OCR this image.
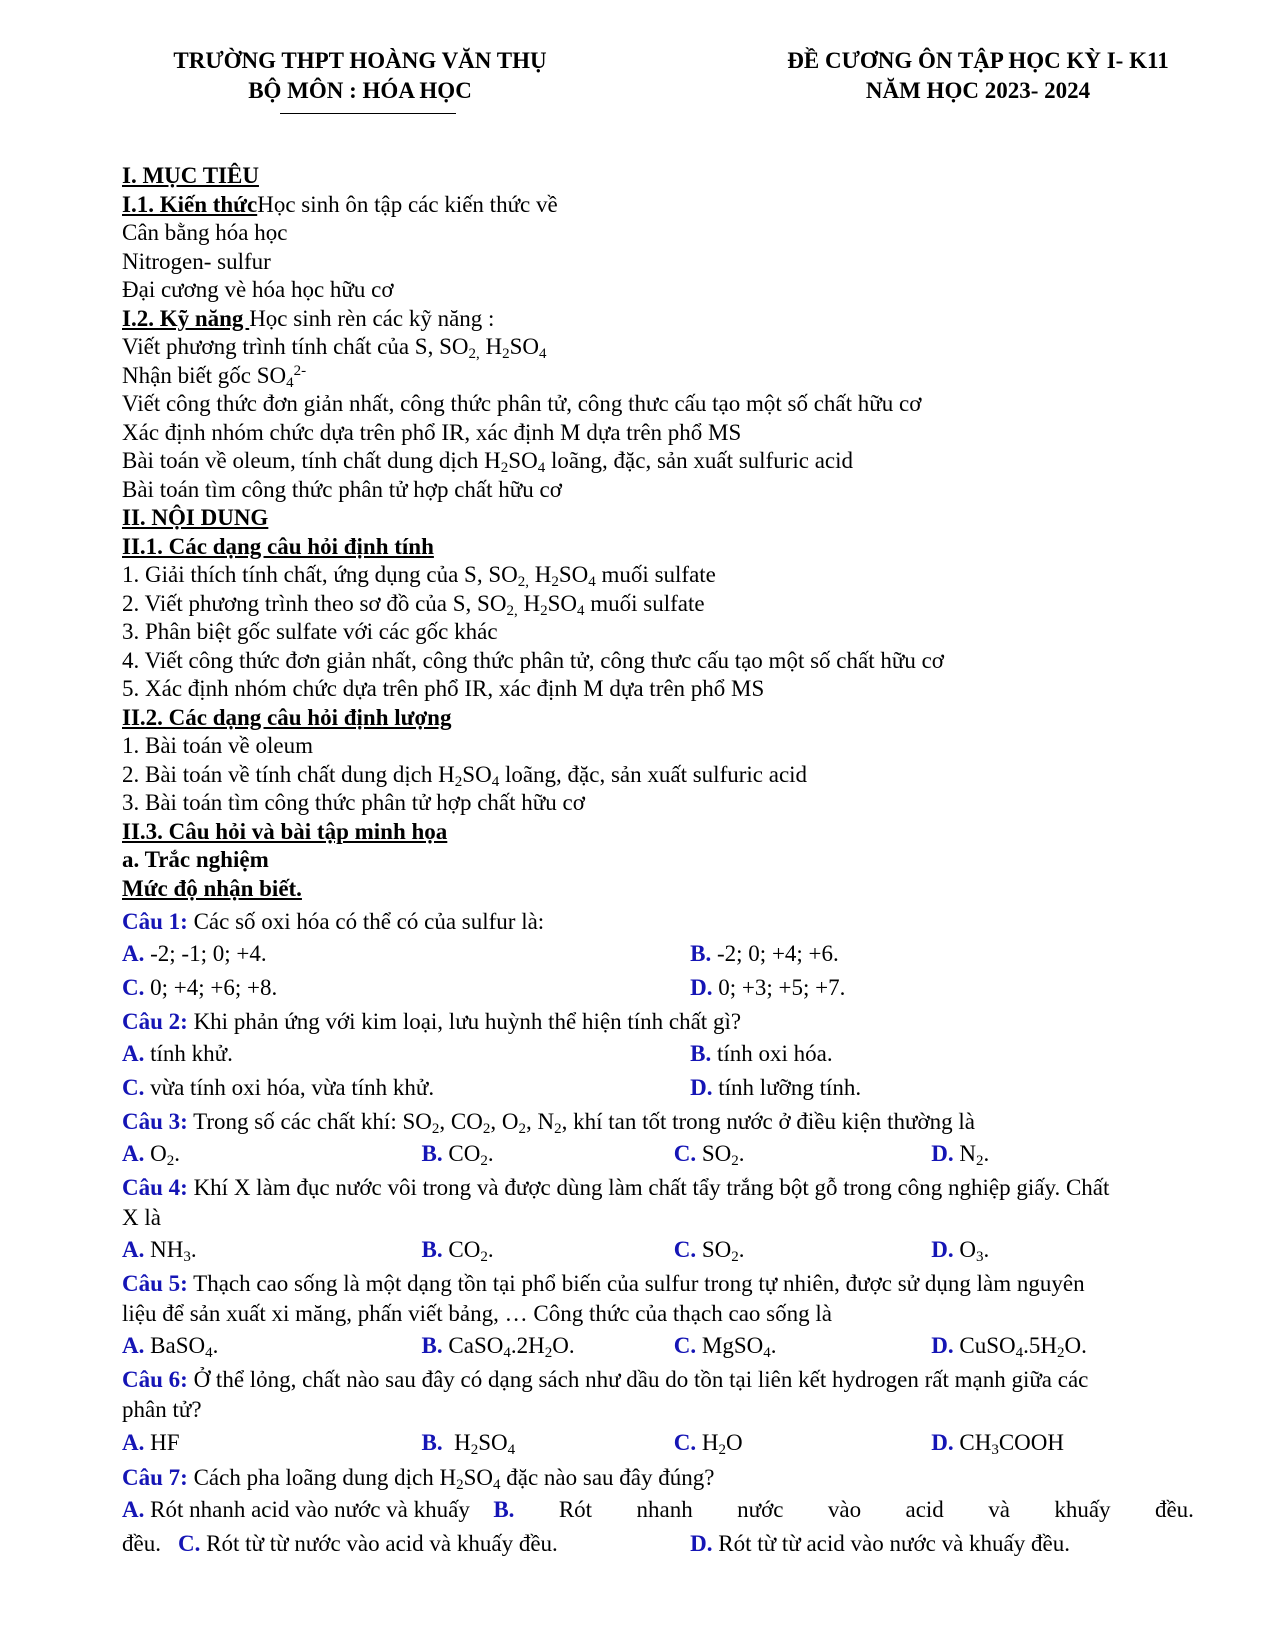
TRƯỜNG THPT HOÀNG VĂN THỤ
BỘ MÔN : HÓA HỌC
ĐỀ CƯƠNG ÔN TẬP HỌC KỲ I- K11
NĂM HỌC 2023- 2024
I. MỤC TIÊU
I.1. Kiến thứcHọc sinh ôn tập các kiến thức về
Cân bằng hóa học
Nitrogen- sulfur
Đại cương vè hóa học hữu cơ
I.2. Kỹ năng Học sinh rèn các kỹ năng :
Viết phương trình tính chất của S, $SO_{2,}$ $H_2SO_4$
Nhận biết gốc $SO_4^{2-}$
Viết công thức đơn giản nhất, công thức phân tử, công thưc cấu tạo một số chất hữu cơ
Xác định nhóm chức dựa trên phổ IR, xác định M dựa trên phổ MS
Bài toán về oleum, tính chất dung dịch $H_2SO_4$ loãng, đặc, sản xuất sulfuric acid
Bài toán tìm công thức phân tử hợp chất hữu cơ
II. NỘI DUNG
II.1. Các dạng câu hỏi định tính
1. Giải thích tính chất, ứng dụng của S, $SO_{2,}$ $H_2SO_4$ muối sulfate
2. Viết phương trình theo sơ đồ của S, $SO_{2,}$ $H_2SO_4$ muối sulfate
3. Phân biệt gốc sulfate với các gốc khác
4. Viết công thức đơn giản nhất, công thức phân tử, công thưc cấu tạo một số chất hữu cơ
5. Xác định nhóm chức dựa trên phổ IR, xác định M dựa trên phổ MS
II.2. Các dạng câu hỏi định lượng
1. Bài toán về oleum
2. Bài toán về tính chất dung dịch $H_2SO_4$ loãng, đặc, sản xuất sulfuric acid
3. Bài toán tìm công thức phân tử hợp chất hữu cơ
II.3. Câu hỏi và bài tập minh họa
a. Trắc nghiệm
Mức độ nhận biết.
Câu 1: Các số oxi hóa có thể có của sulfur là:
A. -2; -1; 0; +4.	B. -2; 0; +4; +6.
C. 0; +4; +6; +8.	D. 0; +3; +5; +7.
Câu 2: Khi phản ứng với kim loại, lưu huỳnh thể hiện tính chất gì?
A. tính khử.	B. tính oxi hóa.
C. vừa tính oxi hóa, vừa tính khử.	D. tính lưỡng tính.
Câu 3: Trong số các chất khí: $SO_2$, $CO_2$, $O_2$, $N_2$, khí tan tốt trong nước ở điều kiện thường là
A. $O_2$.	B. $CO_2$.	C. $SO_2$.	D. $N_2$.
Câu 4: Khí X làm đục nước vôi trong và được dùng làm chất tẩy trắng bột gỗ trong công nghiệp giấy. Chất
X là
A. $NH_3$.	B. $CO_2$.	C. $SO_2$.	D. $O_3$.
Câu 5: Thạch cao sống là một dạng tồn tại phổ biến của sulfur trong tự nhiên, được sử dụng làm nguyên
liệu để sản xuất xi măng, phấn viết bảng, … Công thức của thạch cao sống là
A. BaSO$_4$.	B. $CaSO_4.2H_2O$.	C. MgSO$_4$.	D. $CuSO_4.5H_2O$.
Câu 6: Ở thể lỏng, chất nào sau đây có dạng sách như dầu do tồn tại liên kết hydrogen rất mạnh giữa các
phân tử?
A. HF	B. $H_2SO_4$	C. $H_2O$	D. $CH_3COOH$
Câu 7: Cách pha loãng dung dịch $H_2SO_4$ đặc nào sau đây đúng?
A. Rót nhanh acid vào nước và khuấy đều.
B. Rót nhanh nước vào acid và khuấy đều.
C. Rót từ từ nước vào acid và khuấy đều.	D. Rót từ từ acid vào nước và khuấy đều.
